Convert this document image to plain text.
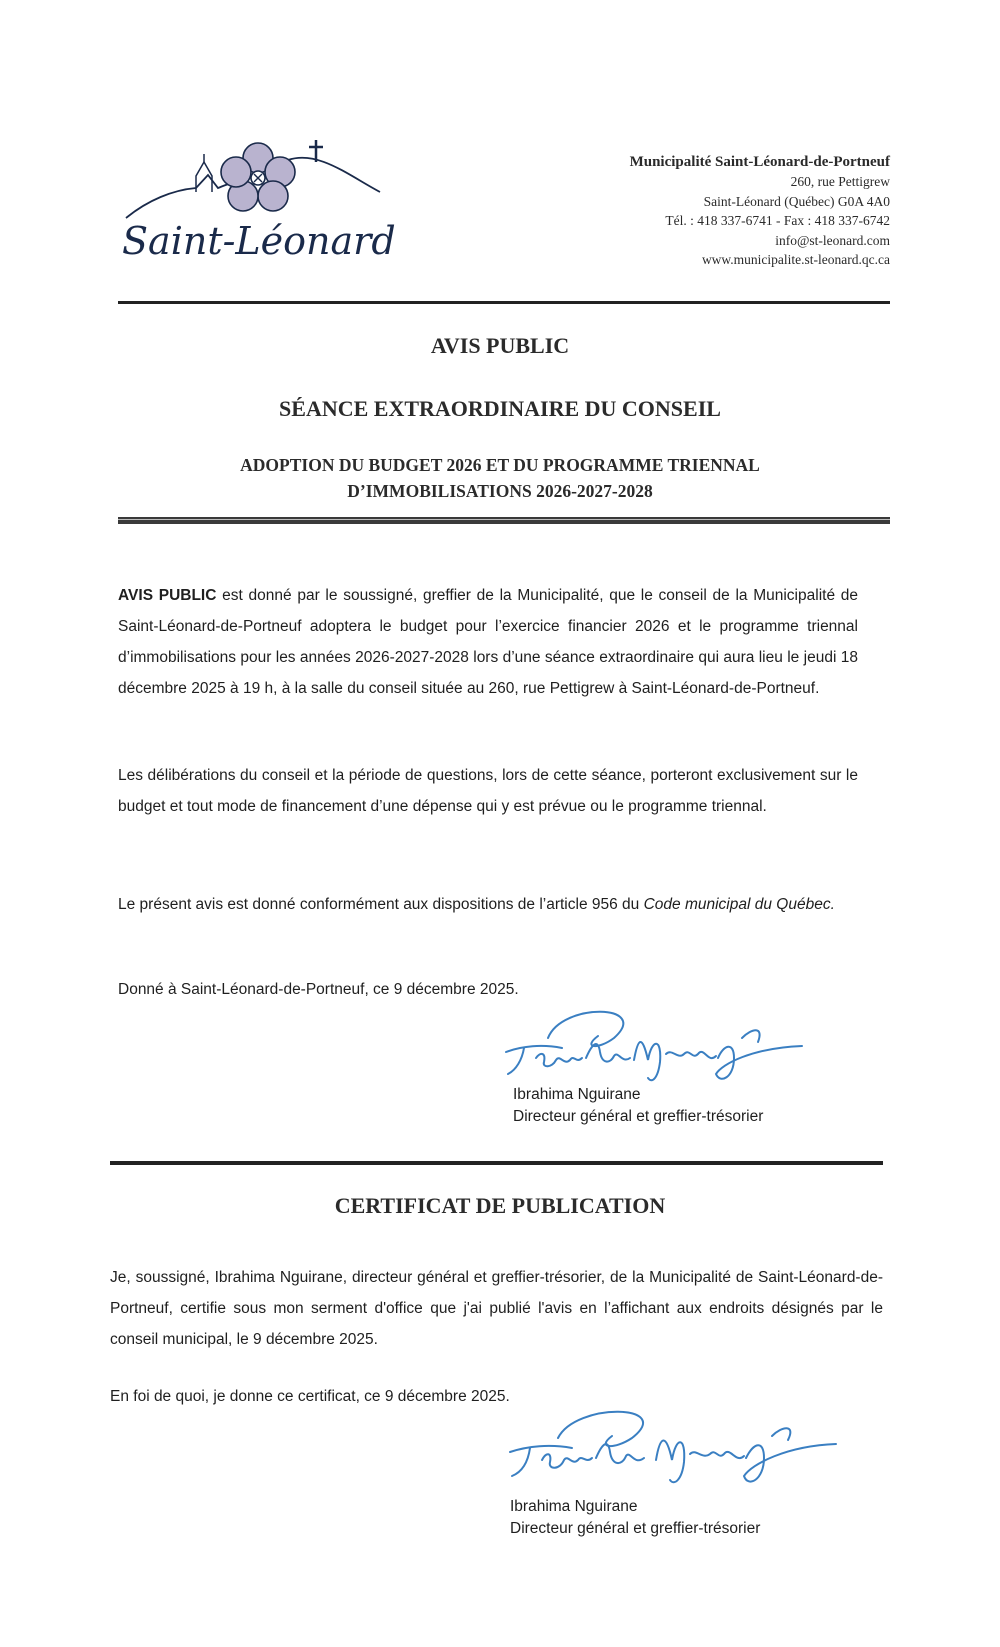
Saint-Léonard
Municipalité Saint-Léonard-de-Portneuf
260, rue Pettigrew
Saint-Léonard (Québec) G0A 4A0
Tél. : 418 337-6741 - Fax : 418 337-6742
info@st-leonard.com
www.municipalite.st-leonard.qc.ca
AVIS PUBLIC
SÉANCE EXTRAORDINAIRE DU CONSEIL
ADOPTION DU BUDGET 2026 ET DU PROGRAMME TRIENNAL
D’IMMOBILISATIONS 2026-2027-2028
AVIS PUBLIC est donné par le soussigné, greffier de la Municipalité, que le conseil de la Municipalité de Saint-Léonard-de-Portneuf adoptera le budget pour l’exercice financier 2026 et le programme triennal d’immobilisations pour les années 2026-2027-2028 lors d’une séance extraordinaire qui aura lieu le jeudi 18 décembre 2025 à 19 h, à la salle du conseil située au 260, rue Pettigrew à Saint-Léonard-de-Portneuf.
Les délibérations du conseil et la période de questions, lors de cette séance, porteront exclusivement sur le budget et tout mode de financement d’une dépense qui y est prévue ou le programme triennal.
Le présent avis est donné conformément aux dispositions de l’article 956 du Code municipal du Québec.
Donné à Saint-Léonard-de-Portneuf, ce 9 décembre 2025.
Ibrahima Nguirane
Directeur général et greffier-trésorier
CERTIFICAT DE PUBLICATION
Je, soussigné, Ibrahima Nguirane, directeur général et greffier-trésorier, de la Municipalité de Saint-Léonard-de-Portneuf, certifie sous mon serment d'office que j'ai publié l'avis en l’affichant aux endroits désignés par le conseil municipal, le 9 décembre 2025.
En foi de quoi, je donne ce certificat, ce 9 décembre 2025.
Ibrahima Nguirane
Directeur général et greffier-trésorier
